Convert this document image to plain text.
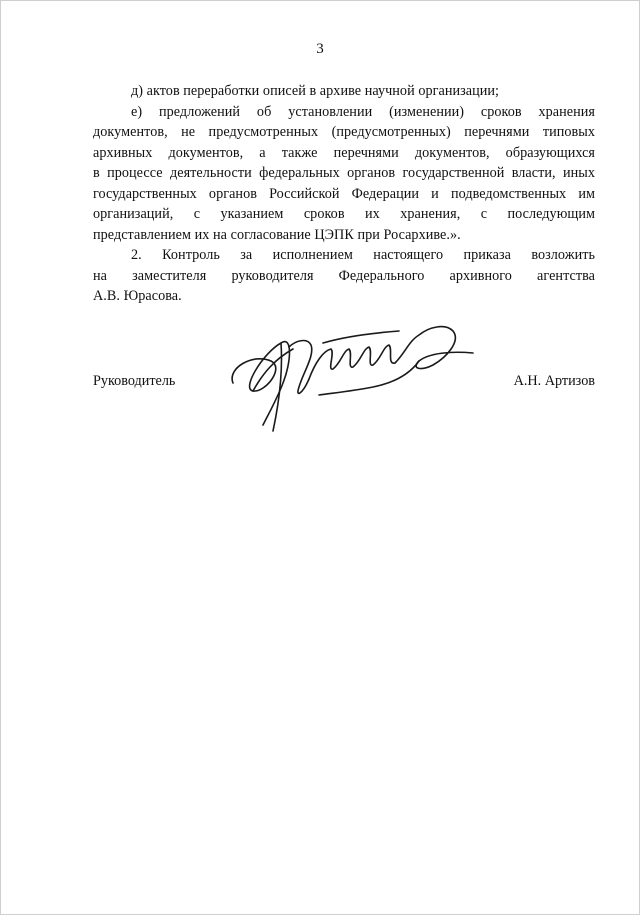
3

д) актов переработки описей в архиве научной организации;

е) предложений об установлении (изменении) сроков хранения

документов, не предусмотренных (предусмотренных) перечнями типовых

архивных документов, а также перечнями документов, образующихся

в процессе деятельности федеральных органов государственной власти, иных

государственных органов Российской Федерации и подведомственных им

организаций, с указанием сроков их хранения, с последующим

представлением их на согласование ЦЭПК при Росархиве.».

2. Контроль за исполнением настоящего приказа возложить

на заместителя руководителя Федерального архивного агентства

А.В. Юрасова.

Руководитель	А.Н. Артизов
